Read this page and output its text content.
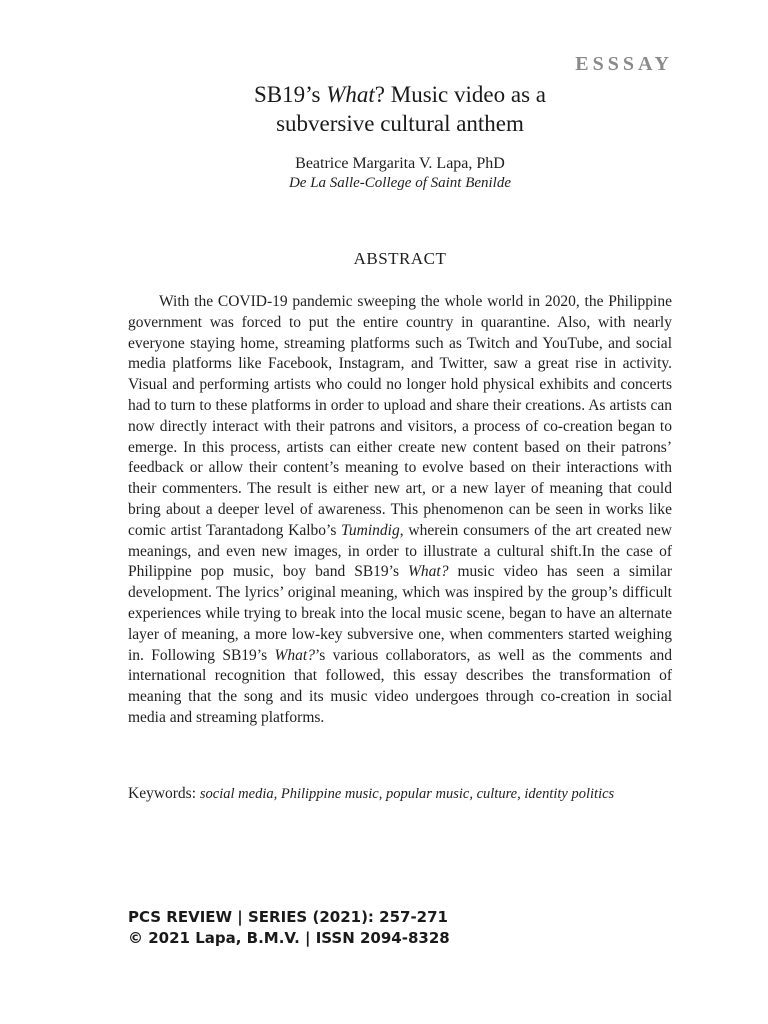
ESSSAY
SB19’s What? Music video as a
subversive cultural anthem
Beatrice Margarita V. Lapa, PhD
De La Salle-College of Saint Benilde
ABSTRACT

With the COVID-19 pandemic sweeping the whole world in 2020, the Philippine government was forced to put the entire country in quarantine. Also, with nearly everyone staying home, streaming platforms such as Twitch and YouTube, and social media platforms like Facebook, Instagram, and Twitter, saw a great rise in activity. Visual and performing artists who could no longer hold physical exhibits and concerts had to turn to these platforms in order to upload and share their creations. As artists can now directly interact with their patrons and visitors, a process of co-creation began to emerge. In this process, artists can either create new content based on their patrons’ feedback or allow their content’s meaning to evolve based on their interactions with their commenters. The result is either new art, or a new layer of meaning that could bring about a deeper level of awareness. This phenomenon can be seen in works like comic artist Tarantadong Kalbo’s Tumindig, wherein consumers of the art created new meanings, and even new images, in order to illustrate a cultural shift.In the case of Philippine pop music, boy band SB19’s What? music video has seen a similar development. The lyrics’ original meaning, which was inspired by the group’s difficult experiences while trying to break into the local music scene, began to have an alternate layer of meaning, a more low-key subversive one, when commenters started weighing in. Following SB19’s What?’s various collaborators, as well as the comments and international recognition that followed, this essay describes the transformation of meaning that the song and its music video undergoes through co-creation in social media and streaming platforms.

Keywords: social media, Philippine music, popular music, culture, identity politics
PCS REVIEW | SERIES (2021): 257-271
© 2021 Lapa, B.M.V. | ISSN 2094-8328
